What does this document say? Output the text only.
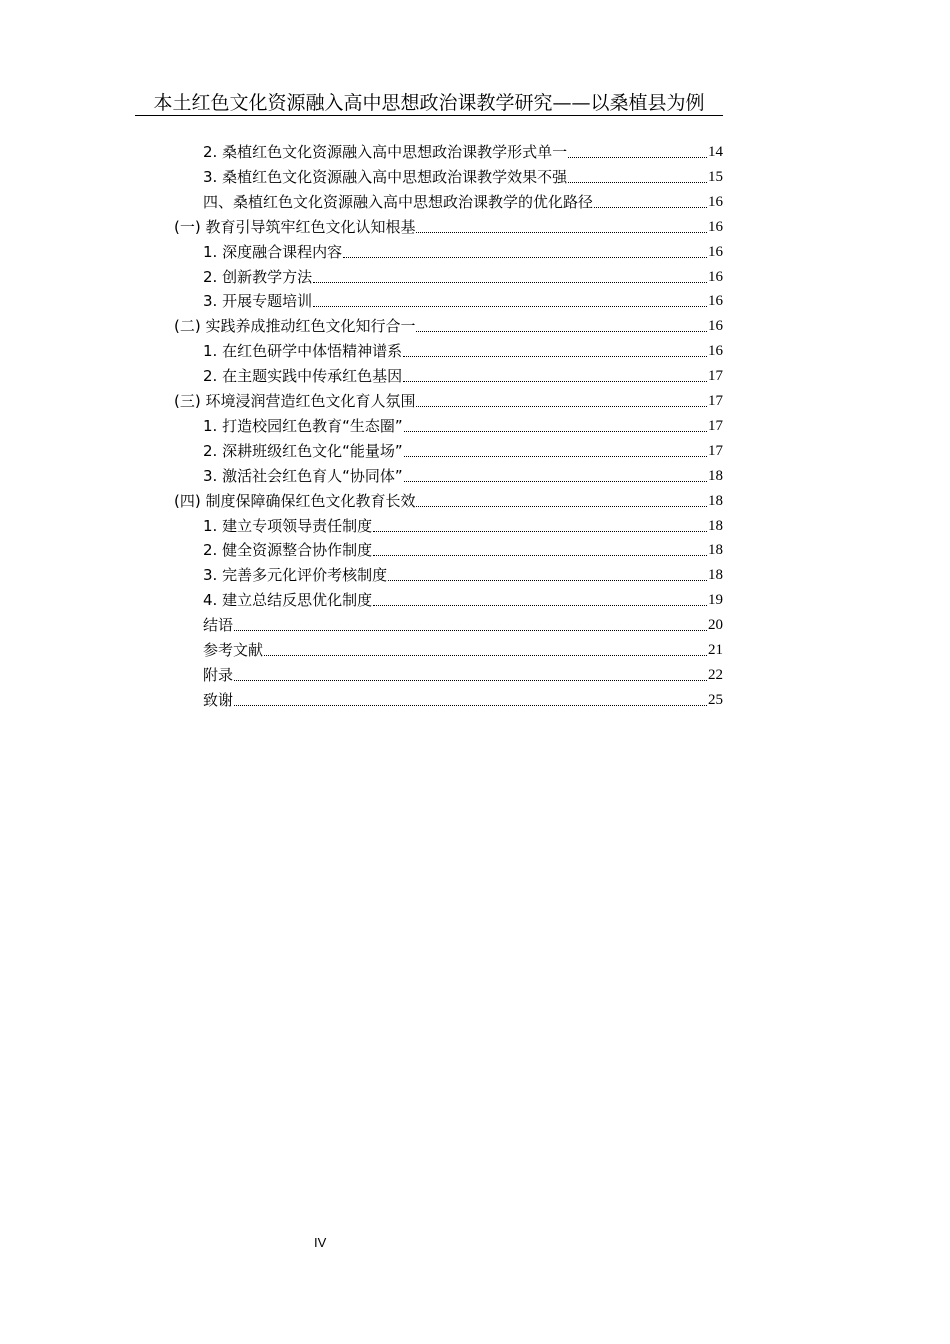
本土红色文化资源融入高中思想政治课教学研究——以桑植县为例
2. 桑植红色文化资源融入高中思想政治课教学形式单一	14
3. 桑植红色文化资源融入高中思想政治课教学效果不强	15
四、桑植红色文化资源融入高中思想政治课教学的优化路径	16
(一) 教育引导筑牢红色文化认知根基	16
1. 深度融合课程内容	16
2. 创新教学方法	16
3. 开展专题培训	16
(二) 实践养成推动红色文化知行合一	16
1. 在红色研学中体悟精神谱系	16
2. 在主题实践中传承红色基因	17
(三) 环境浸润营造红色文化育人氛围	17
1. 打造校园红色教育“生态圈”	17
2. 深耕班级红色文化“能量场”	17
3. 激活社会红色育人“协同体”	18
(四) 制度保障确保红色文化教育长效	18
1. 建立专项领导责任制度	18
2. 健全资源整合协作制度	18
3. 完善多元化评价考核制度	18
4. 建立总结反思优化制度	19
结语	20
参考文献	21
附录	22
致谢	25
IV
